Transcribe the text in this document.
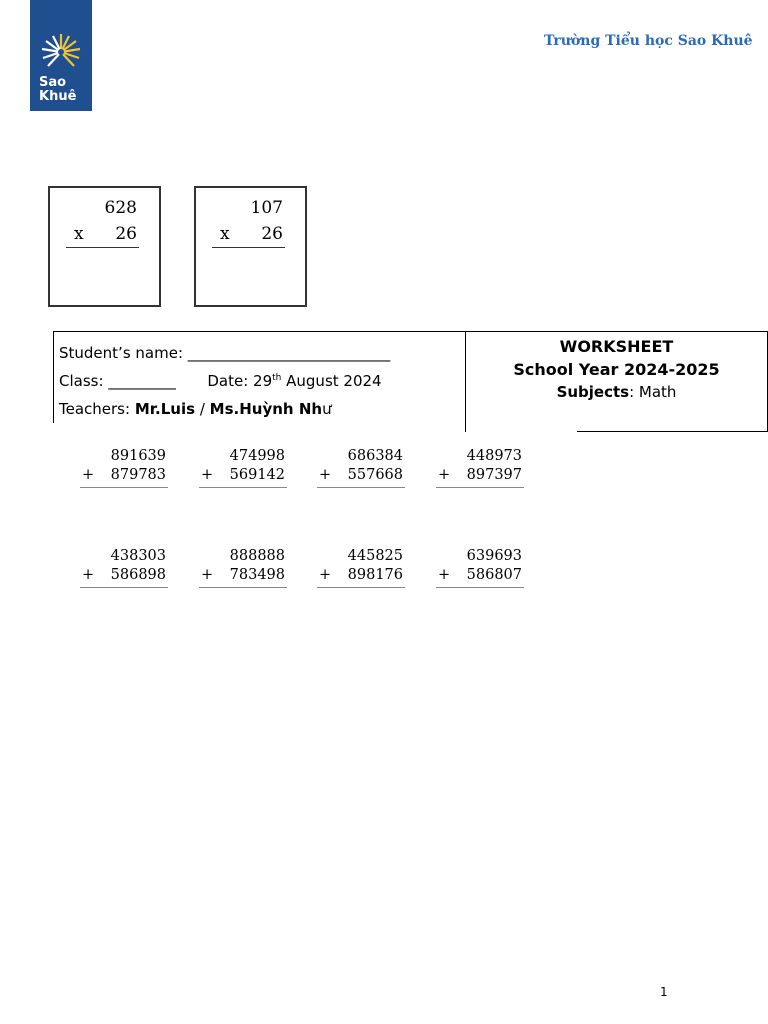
Sao
Khuê
Trường Tiểu học Sao Khuê
628
x 26
107
x 26
Student’s name: ___________________________
Class: _________ Date: 29th August 2024
Teachers: Mr.Luis / Ms.Huỳnh Như
WORKSHEET
School Year 2024-2025
Subjects: Math
891639
+ 879783
474998
+ 569142
686384
+ 557668
448973
+ 897397
438303
+ 586898
888888
+ 783498
445825
+ 898176
639693
+ 586807
1
